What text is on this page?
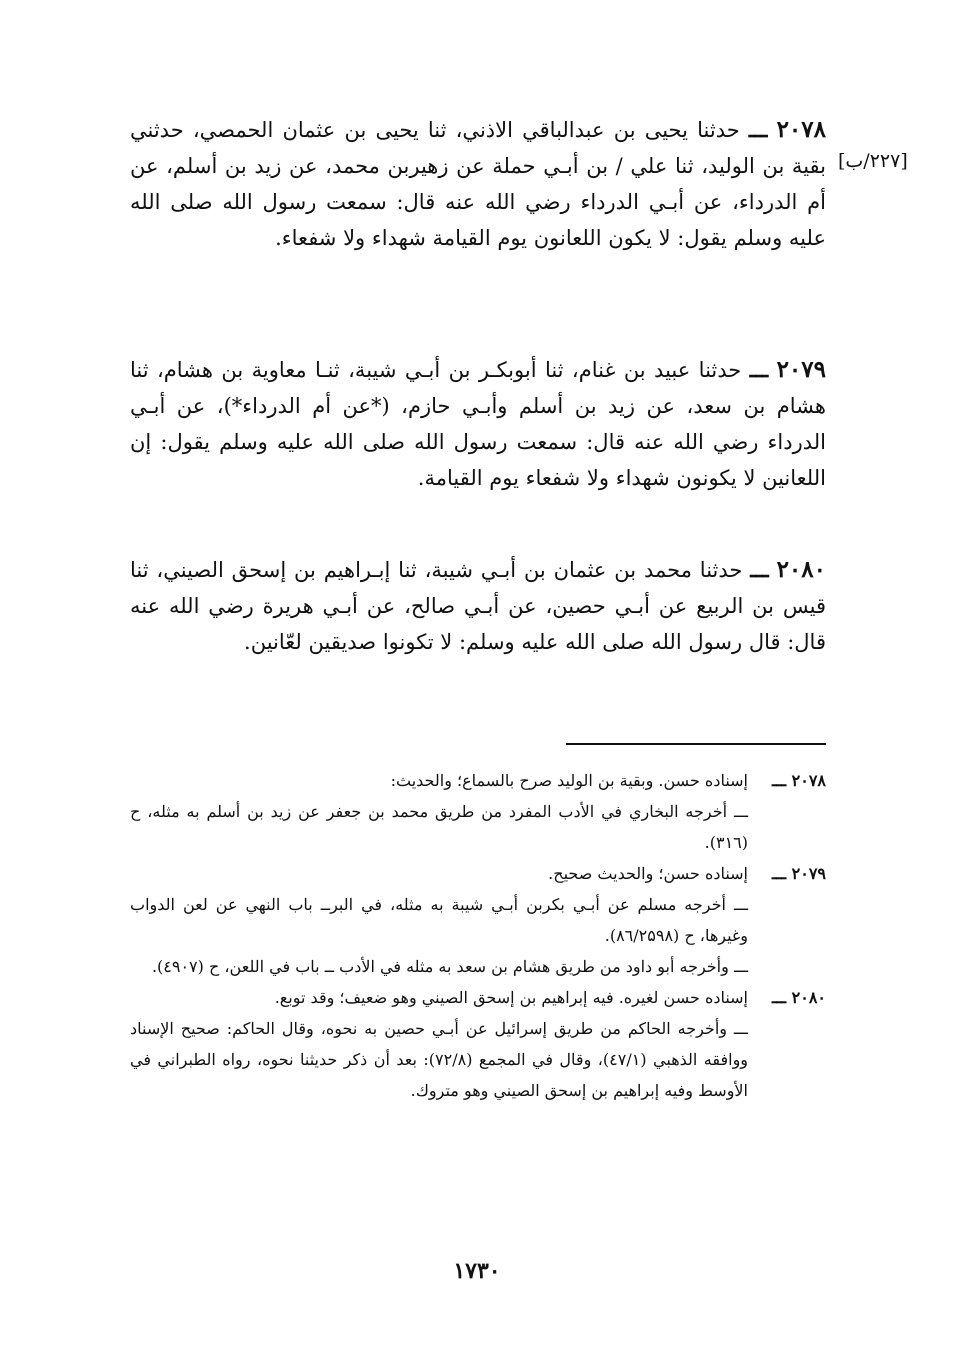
[۲۲۷/ب]

۲۰۷۸ ـــ حدثنا يحيى بن عبدالباقي الاذني، ثنا يحيى بن عثمان الحمصي، حدثني بقية بن الوليد، ثنا علي / بن أبـي حملة عن زهيربن محمد، عن زيد بن أسلم، عن أم الدرداء، عن أبـي الدرداء رضي الله عنه قال: سمعت رسول الله صلى الله عليه وسلم يقول: لا يكون اللعانون يوم القيامة شهداء ولا شفعاء.

۲۰۷۹ ـــ حدثنا عبيد بن غنام، ثنا أبوبكـر بن أبـي شيبة، ثنـا معاوية بن هشام، ثنا هشام بن سعد، عن زيد بن أسلم وأبـي حازم، (*عن أم الدرداء*)، عن أبـي الدرداء رضي الله عنه قال: سمعت رسول الله صلى الله عليه وسلم يقول: إن اللعانين لا يكونون شهداء ولا شفعاء يوم القيامة.

۲۰۸۰ ـــ حدثنا محمد بن عثمان بن أبـي شيبة، ثنا إبـراهيم بن إسحق الصيني، ثنا قيس بن الربيع عن أبـي حصين، عن أبـي صالح، عن أبـي هريرة رضي الله عنه قال: قال رسول الله صلى الله عليه وسلم: لا تكونوا صديقين لعّانين.

۲۰۷۸ ـــ
إسناده حسن. وبقية بن الوليد صرح بالسماع؛ والحديث:
ـــ أخرجه البخاري في الأدب المفرد من طريق محمد بن جعفر عن زيد بن أسلم به مثله، ح (۳۱٦).
۲۰۷۹ ـــ
إسناده حسن؛ والحديث صحيح.
ـــ أخرجه مسلم عن أبـي بكربن أبـي شيبة به مثله، في البرــ باب النهي عن لعن الدواب وغيرها، ح (۸٦/۲۵۹۸).
ـــ وأخرجه أبو داود من طريق هشام بن سعد به مثله في الأدب ــ باب في اللعن، ح (٤۹۰۷).
۲۰۸۰ ـــ
إسناده حسن لغيره. فيه إبراهيم بن إسحق الصيني وهو ضعيف؛ وقد توبع.
ـــ وأخرجه الحاكم من طريق إسرائيل عن أبـي حصين به نحوه، وقال الحاكم: صحيح الإسناد ووافقه الذهبي (٤۷/۱)، وقال في المجمع (۷۲/۸): بعد أن ذكر حديثنا نحوه، رواه الطبراني في الأوسط وفيه إبراهيم بن إسحق الصيني وهو متروك.
۱۷۳۰
